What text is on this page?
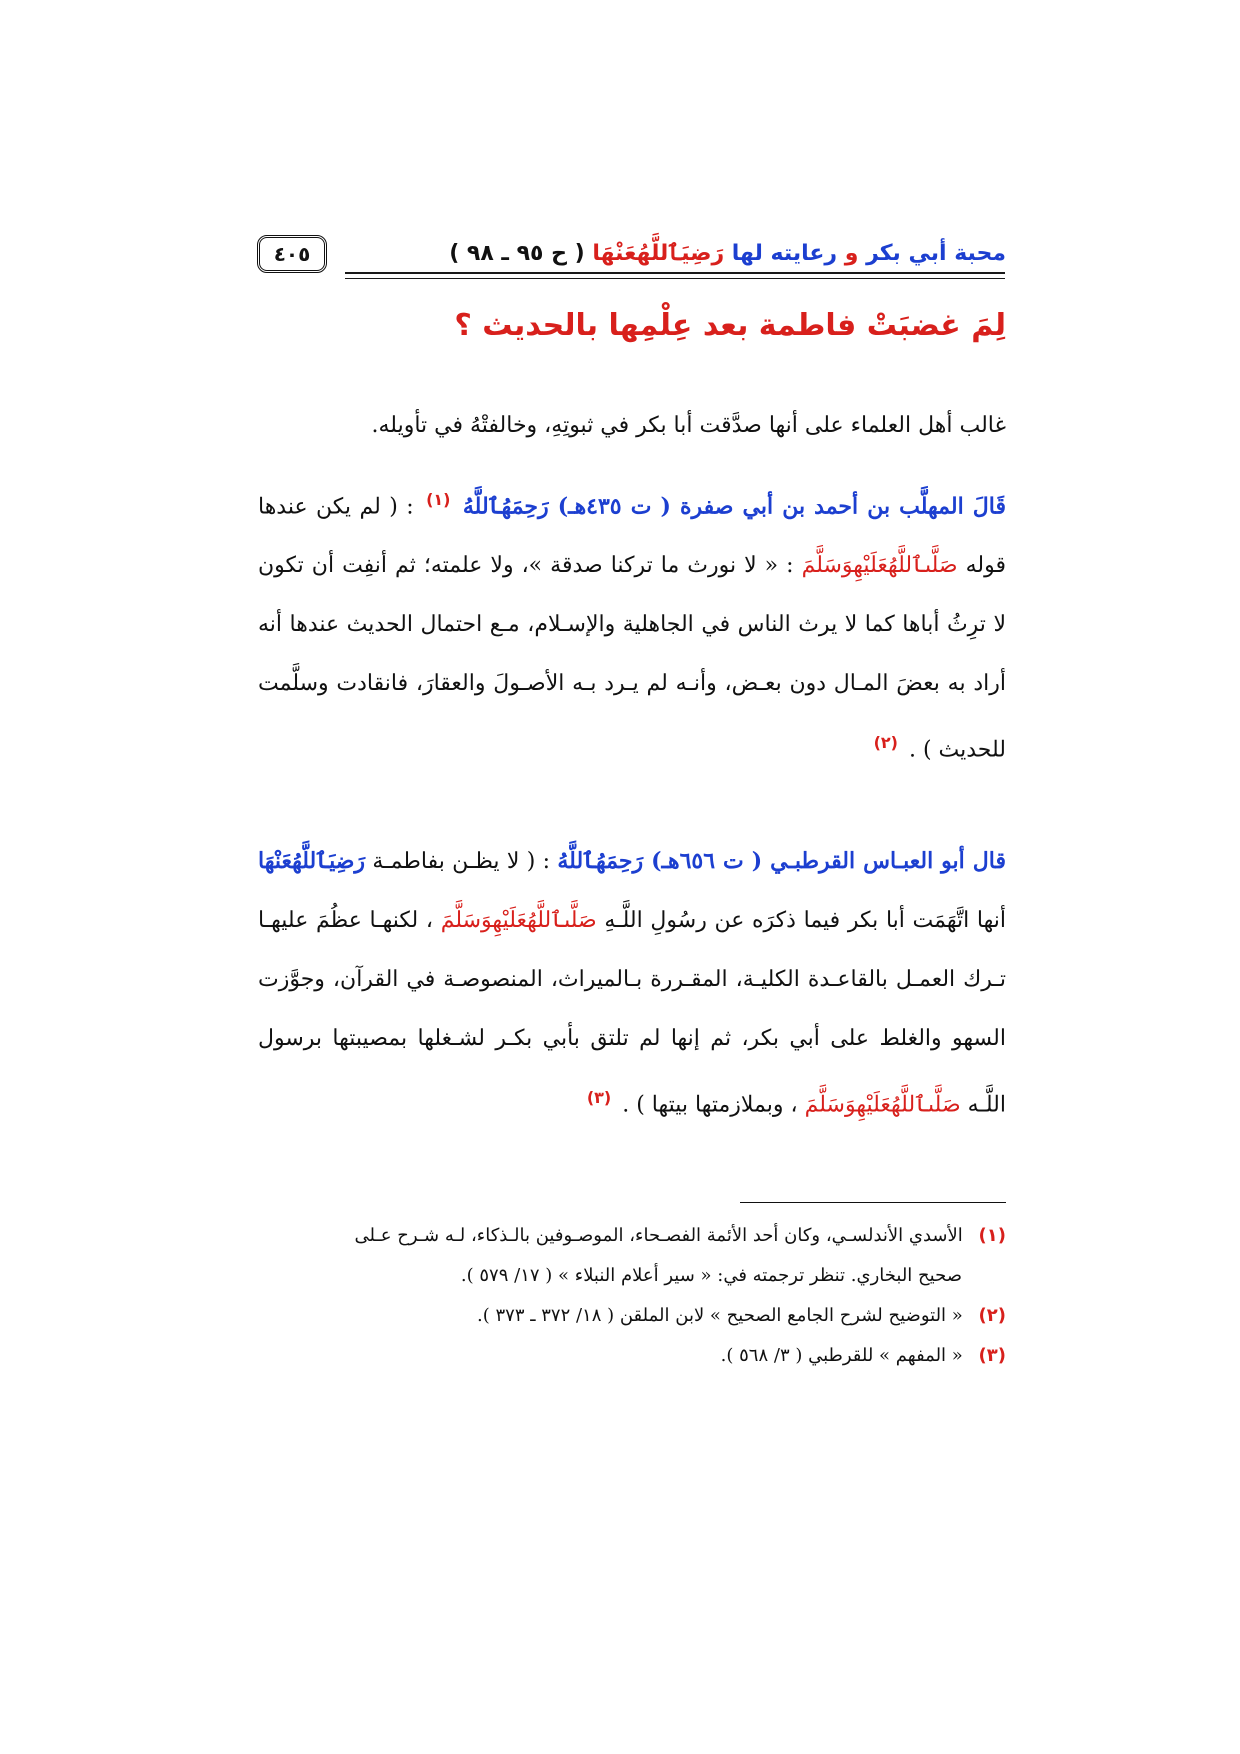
محبة أبي بكر و رعايته لها رَضِيَٱللَّهُعَنْهَا ( ح ٩٥ ـ ٩٨ )
٤٠٥
لِمَ غضبَتْ فاطمة بعد عِلْمِها بالحديث ؟
غالب أهل العلماء على أنها صدَّقت أبا بكر في ثبوتِهِ، وخالفتْهُ في تأويله.
قَالَ المهلَّب بن أحمد بن أبي صفرة ( ت ٤٣٥هـ) رَحِمَهُٱللَّهُ $^{(١)}$ : ( لم يكن عندها قوله صَلَّىٱللَّهُعَلَيْهِوَسَلَّمَ : « لا نورث ما تركنا صدقة »، ولا علمته؛ ثم أنفِت أن تكون لا ترِثُ أباها كما لا يرث الناس في الجاهلية والإسـلام، مـع احتمال الحديث عندها أنه أراد به بعضَ المـال دون بعـض، وأنـه لم يـرد بـه الأصـولَ والعقارَ، فانقادت وسلَّمت للحديث ) . $^{(٢)}$
قال أبو العبـاس القرطبـي ( ت ٦٥٦هـ) رَحِمَهُٱللَّهُ : ( لا يظـن بفاطمـة رَضِيَٱللَّهُعَنْهَا أنها اتَّهَمَت أبا بكر فيما ذكرَه عن رسُولِ اللَّـهِ صَلَّىٱللَّهُعَلَيْهِوَسَلَّمَ ، لكنهـا عظُمَ عليهـا تـرك العمـل بالقاعـدة الكليـة، المقـررة بـالميراث، المنصوصـة في القرآن، وجوَّزت السهو والغلط على أبي بكر، ثم إنها لم تلتق بأبي بكـر لشـغلها بمصيبتها برسول اللَّـه صَلَّىٱللَّهُعَلَيْهِوَسَلَّمَ ، وبملازمتها بيتها ) . $^{(٣)}$
(١) الأسدي الأندلسـي، وكان أحد الأئمة الفصـحاء، الموصـوفين بالـذكاء، لـه شـرح عـلى
صحيح البخاري. تنظر ترجمته في: « سير أعلام النبلاء » ( ١٧/ ٥٧٩ ).
(٢) « التوضيح لشرح الجامع الصحيح » لابن الملقن ( ١٨/ ٣٧٢ ـ ٣٧٣ ).
(٣) « المفهم » للقرطبي ( ٣/ ٥٦٨ ).
